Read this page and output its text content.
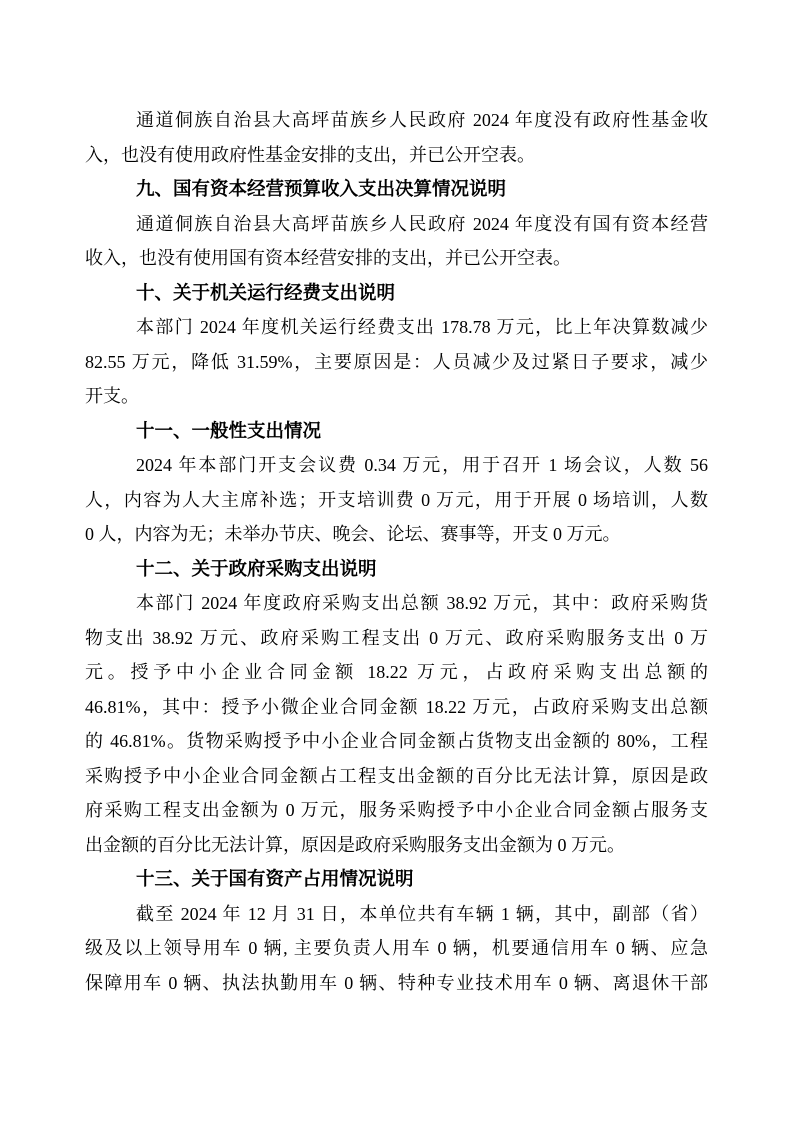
通道侗族自治县大高坪苗族乡人民政府 2024 年度没有政府性基金收
入，也没有使用政府性基金安排的支出，并已公开空表。
九、国有资本经营预算收入支出决算情况说明
通道侗族自治县大高坪苗族乡人民政府 2024 年度没有国有资本经营
收入，也没有使用国有资本经营安排的支出，并已公开空表。
十、关于机关运行经费支出说明
本部门 2024 年度机关运行经费支出 178.78 万元，比上年决算数减少
82.55 万元，降低 31.59%，主要原因是：人员减少及过紧日子要求，减少
开支。
十一、一般性支出情况
2024 年本部门开支会议费 0.34 万元，用于召开 1 场会议，人数 56
人，内容为人大主席补选；开支培训费 0 万元，用于开展 0 场培训，人数
0 人，内容为无；未举办节庆、晚会、论坛、赛事等，开支 0 万元。
十二、关于政府采购支出说明
本部门 2024 年度政府采购支出总额 38.92 万元，其中：政府采购货
物支出 38.92 万元、政府采购工程支出 0 万元、政府采购服务支出 0 万
元。授予中小企业合同金额 18.22 万元，占政府采购支出总额的
46.81%，其中：授予小微企业合同金额 18.22 万元，占政府采购支出总额
的 46.81%。货物采购授予中小企业合同金额占货物支出金额的 80%，工程
采购授予中小企业合同金额占工程支出金额的百分比无法计算，原因是政
府采购工程支出金额为 0 万元，服务采购授予中小企业合同金额占服务支
出金额的百分比无法计算，原因是政府采购服务支出金额为 0 万元。
十三、关于国有资产占用情况说明
截至 2024 年 12 月 31 日，本单位共有车辆 1 辆，其中，副部（省）
级及以上领导用车 0 辆, 主要负责人用车 0 辆，机要通信用车 0 辆、应急
保障用车 0 辆、执法执勤用车 0 辆、特种专业技术用车 0 辆、离退休干部
